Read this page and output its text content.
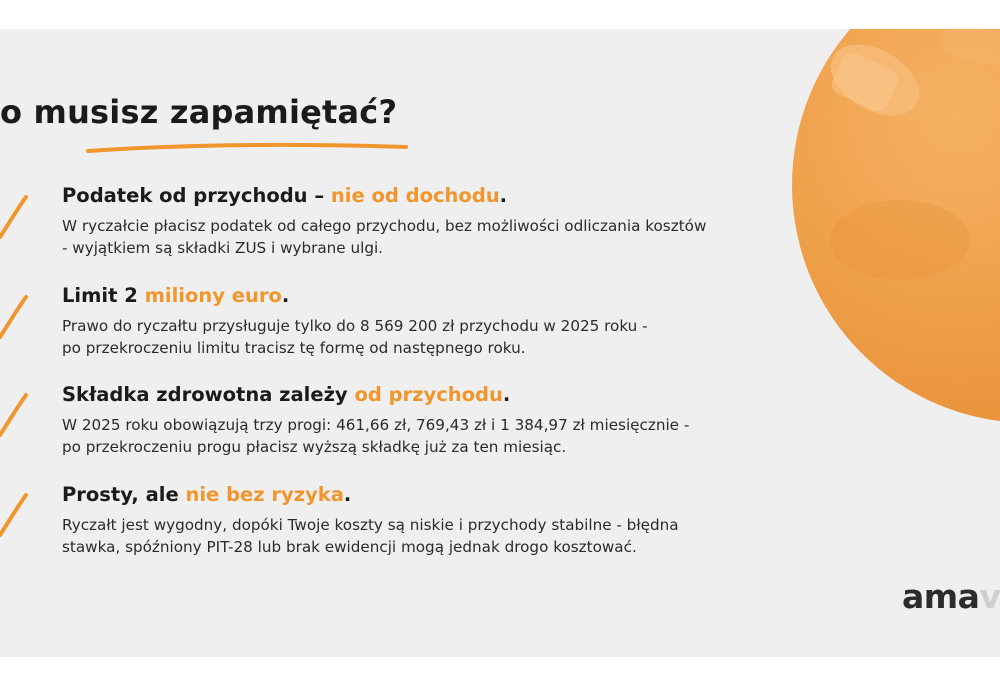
o musisz zapamiętać?
Podatek od przychodu – nie od dochodu.
W ryczałcie płacisz podatek od całego przychodu, bez możliwości odliczania kosztów
- wyjątkiem są składki ZUS i wybrane ulgi.
Limit 2 miliony euro.
Prawo do ryczałtu przysługuje tylko do 8 569 200 zł przychodu w 2025 roku -
po przekroczeniu limitu tracisz tę formę od następnego roku.
Składka zdrowotna zależy od przychodu.
W 2025 roku obowiązują trzy progi: 461,66 zł, 769,43 zł i 1 384,97 zł miesięcznie -
po przekroczeniu progu płacisz wyższą składkę już za ten miesiąc.
Prosty, ale nie bez ryzyka.
Ryczałt jest wygodny, dopóki Twoje koszty są niskie i przychody stabilne - błędna
stawka, spóźniony PIT-28 lub brak ewidencji mogą jednak drogo kosztować.
amav
